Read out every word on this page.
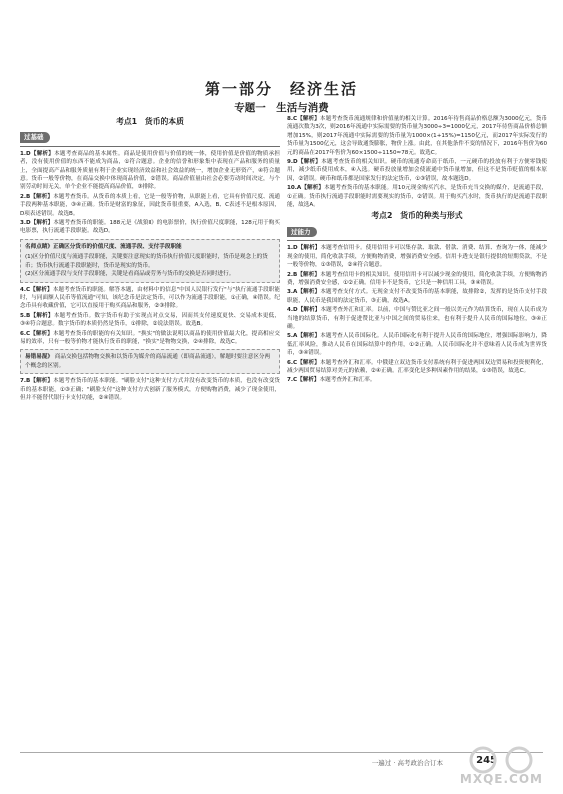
第一部分　经济生活
专题一　生活与消费
考点1　货币的本质
过基础
1.D【解析】本题考查商品的基本属性。商品是使用价值与价值的统一体，使用价值是价值的物质承担者，没有使用价值的东西不能成为商品，①符合题意。企业的信誉和形象集中表现在产品和服务的质量上，全面提高产品和服务质量有利于企业实现经济效益和社会效益的统一，增加企业无形资产，④符合题意。货币一般等价物，在商品交换中体现商品价值，②错误。商品价值量由社会必要劳动时间决定，与个别劳动时间无关，单个企业不能提高商品价值，③排除。
2.B【解析】本题考查货币。从货币的本质上看，它是一般等价物，从职能上看，它具有价值尺度、流通手段两种基本职能，③④正确。货币是财富的象征，因此货币很重要，A入选，B、C表述不是根本原因，D项表述错误。故选B。
3.D【解析】本题考查货币的职能。188元是《战狼Ⅱ》的电影票价，执行价值尺度职能，128元用于购买电影票，执行流通手段职能。故选D。
名师点睛》正确区分货币的价值尺度、流通手段、支付手段职能
(1)区分价值尺度与流通手段职能，关键要注意现实的货币执行价值尺度职能时，货币是观念上的货币；货币执行流通手段职能时，货币是现实的货币。
(2)区分流通手段与支付手段职能，关键是看商品或劳务与货币的交换是否同时进行。
4.C【解析】本题考查货币的职能。解答本题，由材料中的信息"中国人民银行发行"与"执行流通手段职能时，与同面额人民币等值流通"可知，该纪念币是法定货币，可以作为流通手段职能，①正确，④错误。纪念币具有收藏价值，它可以直接用于购买商品和服务，②③排除。
5.B【解析】本题考查货币。数字货币有助于实现点对点交易，因而其支付速度更快、交易成本更低，③④符合题意。数字货币的本质仍然是货币，①排除，②说法错误。故选B。
6.C【解析】本题考查货币的职能的有关知识。"换实"的做法说明以商品的使用价值最大化，提高相应交易的效率，只有一般等价物才能执行货币的职能，"换实"是物物交换，②④排除，故选C。
易错易混》 商品交换包括物物交换和以货币为媒介的商品流通（即商品流通），解题时要注意区分两个概念的区别。
7.B【解析】本题考查货币的基本职能。"刷脸支付"这种支付方式并没有改变货币的本质，也没有改变货币的基本职能，①③正确；"刷脸支付"这种支付方式创新了服务模式，方便购物消费，减少了现金使用，但并不能替代银行卡支付功能，②④错误。
8.C【解析】本题考查货币流通规律和价值量的相关计算。2016年待售商品价格总额为3000亿元，货币流通次数为3次，则2016年流通中实际需要的货币量为3000÷3=1000亿元，2017年待售商品价格总额增加15%，则2017年流通中实际需要的货币量为1000×(1+15%)=1150亿元，而2017年实际发行的货币量为1500亿元，这会导致通货膨胀，物价上涨。由此，在其他条件不变的情况下，2016年售价为60元的商品在2017年售价为60×1500÷1150≈78元。故选C。
9.D【解析】本题考查货币的相关知识。硬币的流通寿命高于纸币，一元硬币的投放有利于方便零钱使用，减少纸币使用成本，④入选。硬币投放量增加会使流通中货币量增加，但这不是货币贬值的根本原因，②错误。硬币和纸币都是国家发行的法定货币，①③错误，故本题选D。
10.A【解析】本题考查货币的基本职能。用10元现金购买汽水，是货币充当交换的媒介，是流通手段，①正确。货币执行流通手段职能时需要现实的货币，②错误。用于购买汽水时，货币执行的是流通手段职能，故选A。
考点2　货币的种类与形式
过能力
1.D【解析】本题考查信用卡。使用信用卡可以集存款、取款、借款、消费、结算、查询为一体，能减少现金的使用，简化收款手续，方便购物消费，增强消费安全感。信用卡透支是银行提供的短期贷款，不是一般等价物，①③错误，②④符合题意。
2.B【解析】本题考查信用卡的相关知识。使用信用卡可以减少现金的使用，简化收款手续，方便购物消费，增强消费安全感，①②正确。信用卡不是货币，它只是一种信用工具，③④错误。
3.A【解析】本题考查支付方式。无现金支付不改变货币的基本职能，故排除②，发挥的是货币支付手段职能，人民币是我国的法定货币，③正确，故选A。
4.D【解析】本题考查外汇和汇率。以前，中国与赞比亚之间一般以美元作为结算货币，现在人民币成为当地的结算货币，有利于促进赞比亚与中国之间的贸易往来，也有利于提升人民币的国际地位，③④正确。
5.A【解析】本题考查人民币国际化。人民币国际化有利于提升人民币的国际地位，增强国际影响力，降低汇率风险，推动人民币在国际结算中的作用，①②正确。人民币国际化并不意味着人民币成为世界货币，③④错误。
6.C【解析】本题考查外汇和汇率。中俄建立双边货币支付系统有利于促进两国双边贸易和投资便利化，减少两国贸易结算对美元的依赖，②④正确。汇率变化是多种因素作用的结果，①③错误，故选C。
7.C【解析】本题考查外汇和汇率。
一遍过 · 高考政治合订本	245
MXQE.COM
